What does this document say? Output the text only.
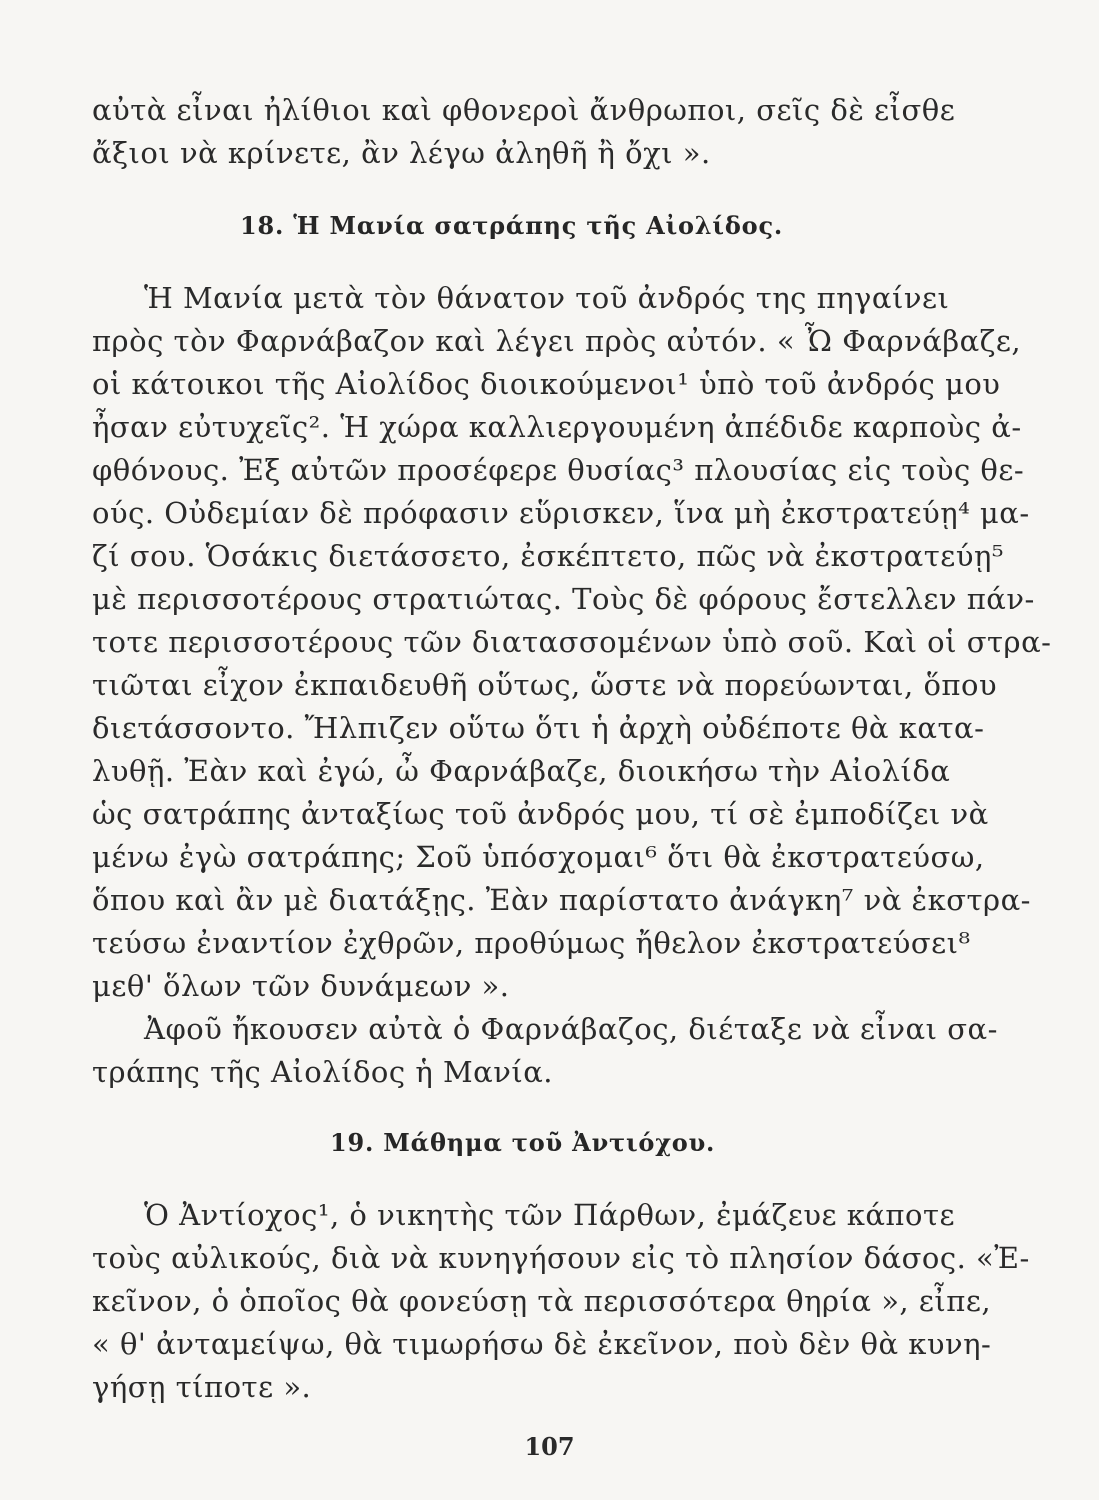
αὐτὰ εἶναι ἠλίθιοι καὶ φθονεροὶ ἄνθρωποι, σεῖς δὲ εἶσθε
ἄξιοι νὰ κρίνετε, ἂν λέγω ἀληθῆ ἢ ὄχι ».
18. Ἡ Μανία σατράπης τῆς Αἰολίδος.
Ἡ Μανία μετὰ τὸν θάνατον τοῦ ἀνδρός της πηγαίνει
πρὸς τὸν Φαρνάβαζον καὶ λέγει πρὸς αὐτόν. « Ὦ Φαρνάβαζε,
οἱ κάτοικοι τῆς Αἰολίδος διοικούμενοι¹ ὑπὸ τοῦ ἀνδρός μου
ἦσαν εὐτυχεῖς². Ἡ χώρα καλλιεργουμένη ἀπέδιδε καρποὺς ἀ-
φθόνους. Ἐξ αὐτῶν προσέφερε θυσίας³ πλουσίας εἰς τοὺς θε-
ούς. Οὐδεμίαν δὲ πρόφασιν εὕρισκεν, ἵνα μὴ ἐκστρατεύῃ⁴ μα-
ζί σου. Ὁσάκις διετάσσετο, ἐσκέπτετο, πῶς νὰ ἐκστρατεύῃ⁵
μὲ περισσοτέρους στρατιώτας. Τοὺς δὲ φόρους ἔστελλεν πάν-
τοτε περισσοτέρους τῶν διατασσομένων ὑπὸ σοῦ. Καὶ οἱ στρα-
τιῶται εἶχον ἐκπαιδευθῆ οὕτως, ὥστε νὰ πορεύωνται, ὅπου
διετάσσοντο. Ἤλπιζεν οὕτω ὅτι ἡ ἀρχὴ οὐδέποτε θὰ κατα-
λυθῇ. Ἐὰν καὶ ἐγώ, ὦ Φαρνάβαζε, διοικήσω τὴν Αἰολίδα
ὡς σατράπης ἀνταξίως τοῦ ἀνδρός μου, τί σὲ ἐμποδίζει νὰ
μένω ἐγὼ σατράπης; Σοῦ ὑπόσχομαι⁶ ὅτι θὰ ἐκστρατεύσω,
ὅπου καὶ ἂν μὲ διατάξῃς. Ἐὰν παρίστατο ἀνάγκη⁷ νὰ ἐκστρα-
τεύσω ἐναντίον ἐχθρῶν, προθύμως ἤθελον ἐκστρατεύσει⁸
μεθ' ὅλων τῶν δυνάμεων ».
Ἀφοῦ ἤκουσεν αὐτὰ ὁ Φαρνάβαζος, διέταξε νὰ εἶναι σα-
τράπης τῆς Αἰολίδος ἡ Μανία.
19. Μάθημα τοῦ Ἀντιόχου.
Ὁ Ἀντίοχος¹, ὁ νικητὴς τῶν Πάρθων, ἐμάζευε κάποτε
τοὺς αὐλικούς, διὰ νὰ κυνηγήσουν εἰς τὸ πλησίον δάσος. «Ἐ-
κεῖνον, ὁ ὁποῖος θὰ φονεύσῃ τὰ περισσότερα θηρία », εἶπε,
« θ' ἀνταμείψω, θὰ τιμωρήσω δὲ ἐκεῖνον, ποὺ δὲν θὰ κυνη-
γήσῃ τίποτε ».
107
